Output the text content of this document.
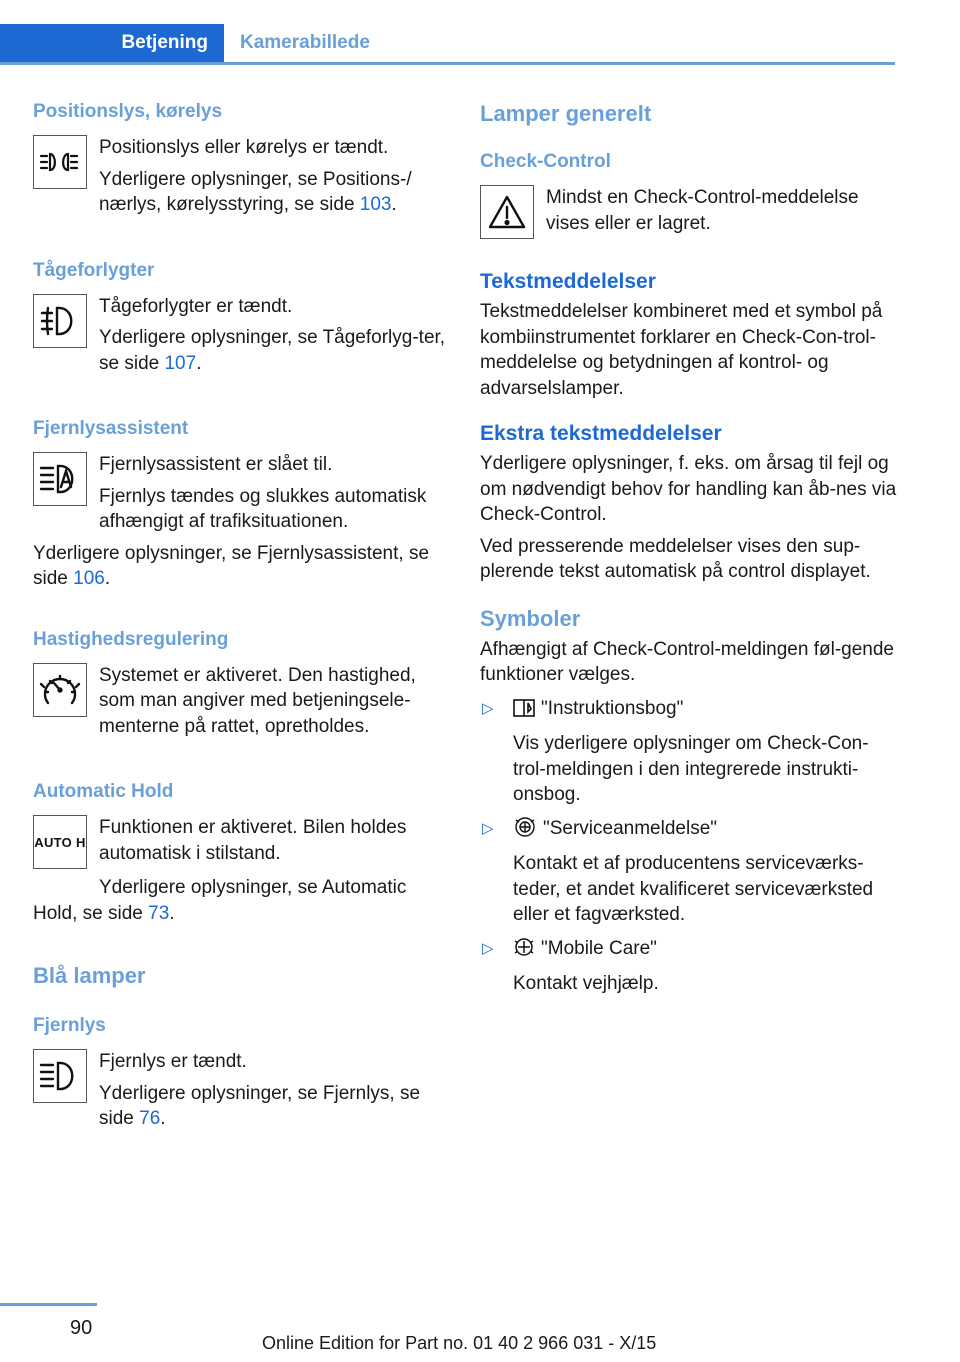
Betjening	Kamerabillede
Positionslys, kørelys

Positionslys eller kørelys er tændt.

Yderligere oplysninger, se Positions-/ nærlys, kørelysstyring, se side 103.

Tågeforlygter

Tågeforlygter er tændt.

Yderligere oplysninger, se Tågeforlyg-ter, se side 107.

Fjernlysassistent

Fjernlysassistent er slået til.

Fjernlys tændes og slukkes automatisk afhængigt af trafiksituationen.

Yderligere oplysninger, se Fjernlysassistent, se side 106.

Hastighedsregulering

Systemet er aktiveret. Den hastighed, som man angiver med betjeningsele-menterne på rattet, opretholdes.

Automatic Hold
AUTO H

Funktionen er aktiveret. Bilen holdes automatisk i stilstand.

Yderligere oplysninger, se Automatic Hold, se side 73.

Blå lamper
Fjernlys

Fjernlys er tændt.

Yderligere oplysninger, se Fjernlys, se side 76.

Lamper generelt
Check-Control

Mindst en Check-Control-meddelelse vises eller er lagret.

Tekstmeddelelser

Tekstmeddelelser kombineret med et symbol på kombiinstrumentet forklarer en Check-Con-trol-meddelelse og betydningen af kontrol- og advarselslamper.

Ekstra tekstmeddelelser

Yderligere oplysninger, f. eks. om årsag til fejl og om nødvendigt behov for handling kan åb-nes via Check-Control.

Ved presserende meddelelser vises den sup-plerende tekst automatisk på control displayet.

Symboler

Afhængigt af Check-Control-meldingen føl-gende funktioner vælges.

▷	"Instruktionsbog"

Vis yderligere oplysninger om Check-Con-trol-meldingen i den integrerede instrukti-onsbog.

▷	"Serviceanmeldelse"

Kontakt et af producentens serviceværks-teder, et andet kvalificeret serviceværksted eller et fagværksted.

▷	"Mobile Care"

Kontakt vejhjælp.

90
Online Edition for Part no. 01 40 2 966 031 - X/15
